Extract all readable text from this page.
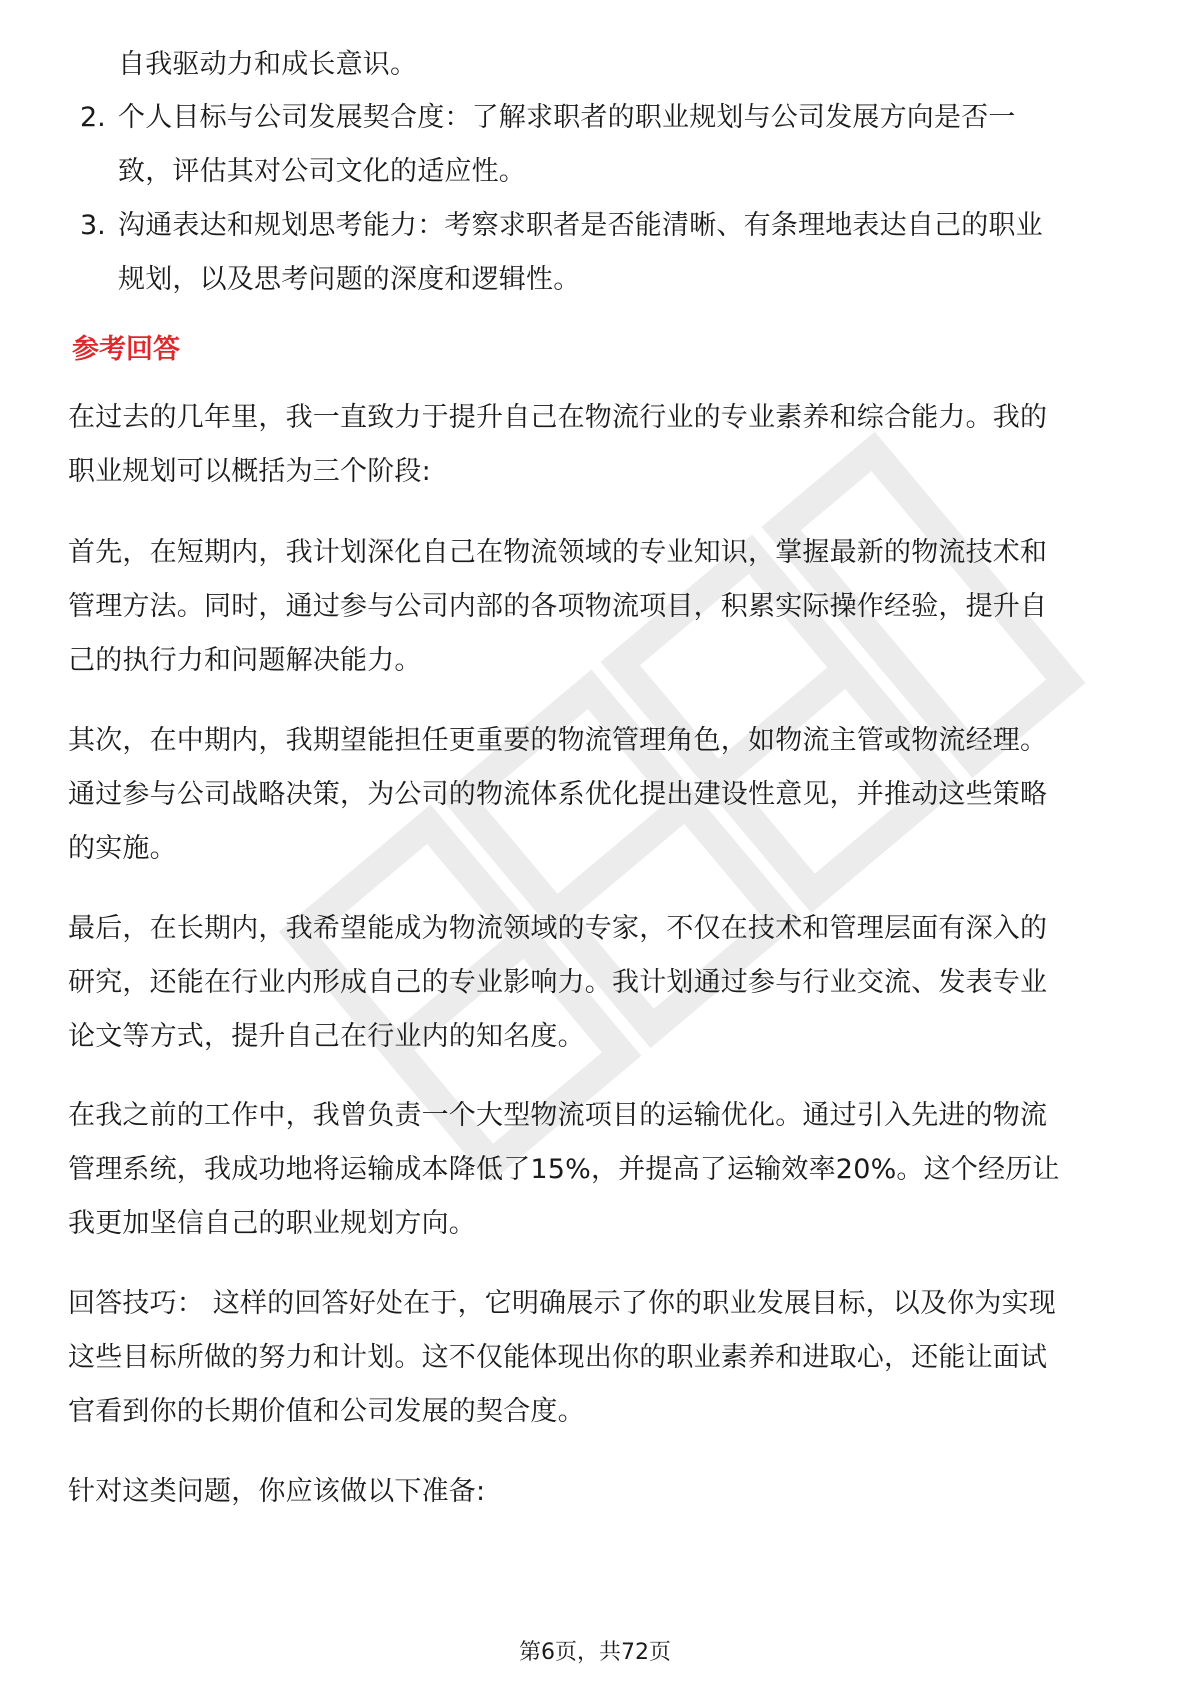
自我驱动力和成长意识。
2. 个人目标与公司发展契合度：了解求职者的职业规划与公司发展方向是否一
致，评估其对公司文化的适应性。
3. 沟通表达和规划思考能力：考察求职者是否能清晰、有条理地表达自己的职业
规划，以及思考问题的深度和逻辑性。
参考回答
在过去的几年里，我一直致力于提升自己在物流行业的专业素养和综合能力。我的
职业规划可以概括为三个阶段:
首先，在短期内，我计划深化自己在物流领域的专业知识，掌握最新的物流技术和
管理方法。同时，通过参与公司内部的各项物流项目，积累实际操作经验，提升自
己的执行力和问题解决能力。
其次，在中期内，我期望能担任更重要的物流管理角色，如物流主管或物流经理。
通过参与公司战略决策，为公司的物流体系优化提出建设性意见，并推动这些策略
的实施。
最后，在长期内，我希望能成为物流领域的专家，不仅在技术和管理层面有深入的
研究，还能在行业内形成自己的专业影响力。我计划通过参与行业交流、发表专业
论文等方式，提升自己在行业内的知名度。
在我之前的工作中，我曾负责一个大型物流项目的运输优化。通过引入先进的物流
管理系统，我成功地将运输成本降低了15%，并提高了运输效率20%。这个经历让
我更加坚信自己的职业规划方向。
回答技巧： 这样的回答好处在于，它明确展示了你的职业发展目标，以及你为实现
这些目标所做的努力和计划。这不仅能体现出你的职业素养和进取心，还能让面试
官看到你的长期价值和公司发展的契合度。
针对这类问题，你应该做以下准备:
第6页，共72页
